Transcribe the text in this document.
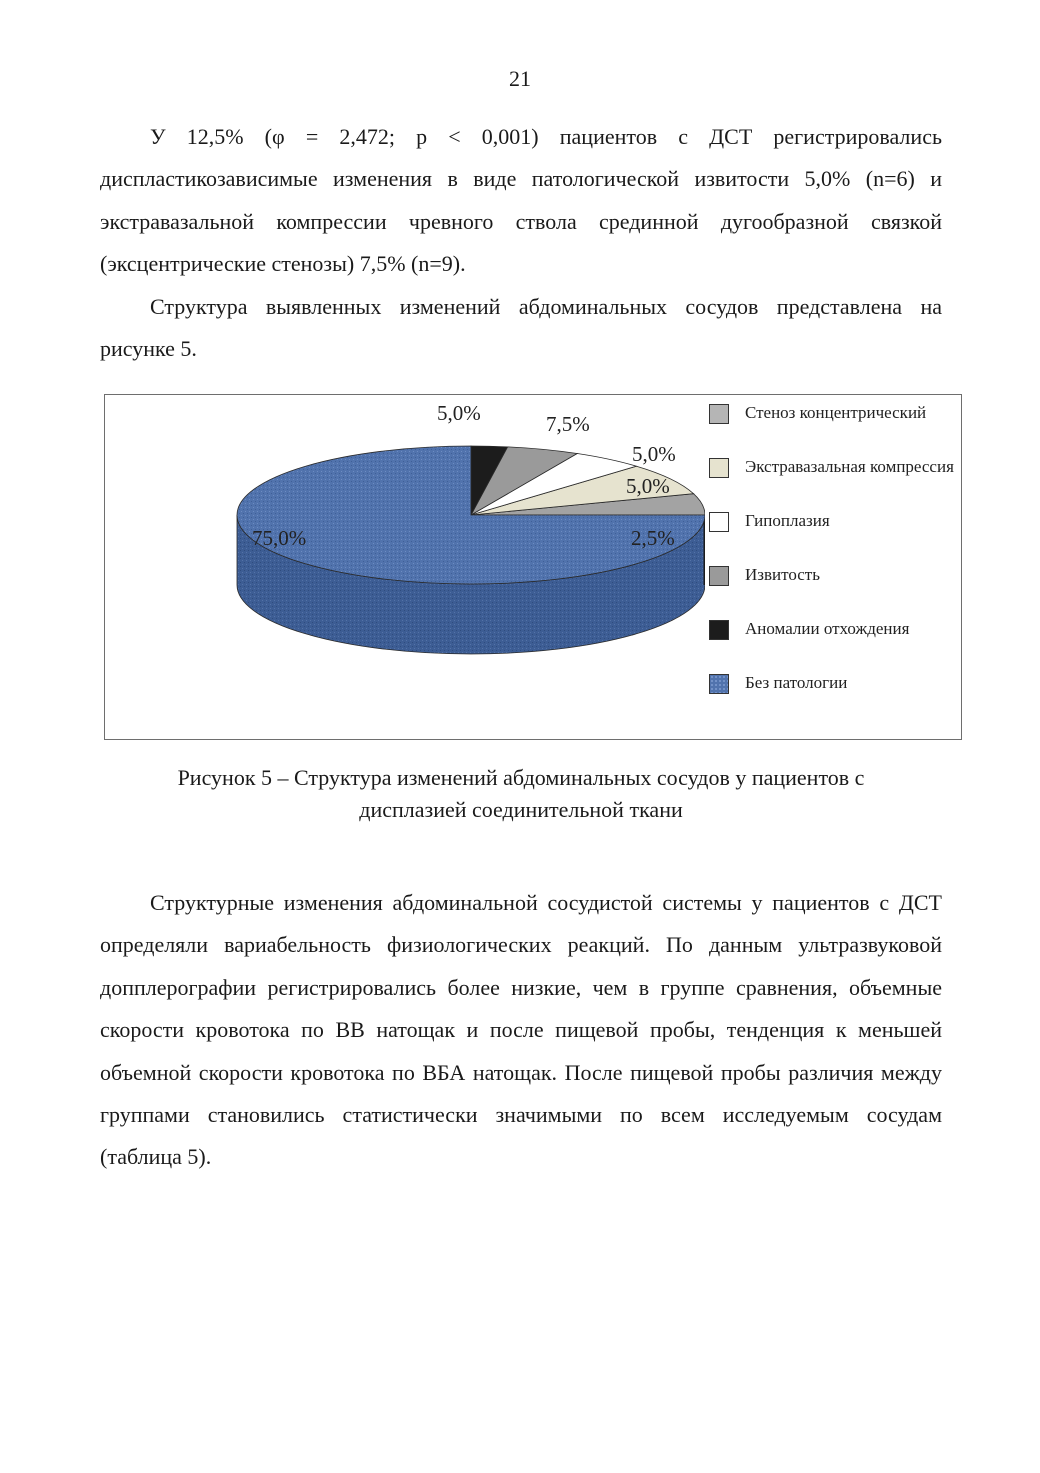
21

У 12,5% (φ = 2,472; р < 0,001) пациентов с ДСТ регистрировались диспластикозависимые изменения в виде патологической извитости 5,0% (n=6) и экстравазальной компрессии чревного ствола срединной дугообразной связкой (эксцентрические стенозы) 7,5% (n=9).

Структура выявленных изменений абдоминальных сосудов представлена на рисунке 5.

5,0%	7,5%
5,0%
5,0%
2,5%
75,0%
Стеноз концентрический
Экстравазальная компрессия
Гипоплазия
Извитость
Аномалии отхождения
Без патологии
Рисунок 5 – Структура изменений абдоминальных сосудов у пациентов с
дисплазией соединительной ткани

Структурные изменения абдоминальной сосудистой системы у пациентов с ДСТ определяли вариабельность физиологических реакций. По данным ультразвуковой допплерографии регистрировались более низкие, чем в группе сравнения, объемные скорости кровотока по ВВ натощак и после пищевой пробы, тенденция к меньшей объемной скорости кровотока по ВБА натощак. После пищевой пробы различия между группами становились статистически значимыми по всем исследуемым сосудам (таблица 5).
